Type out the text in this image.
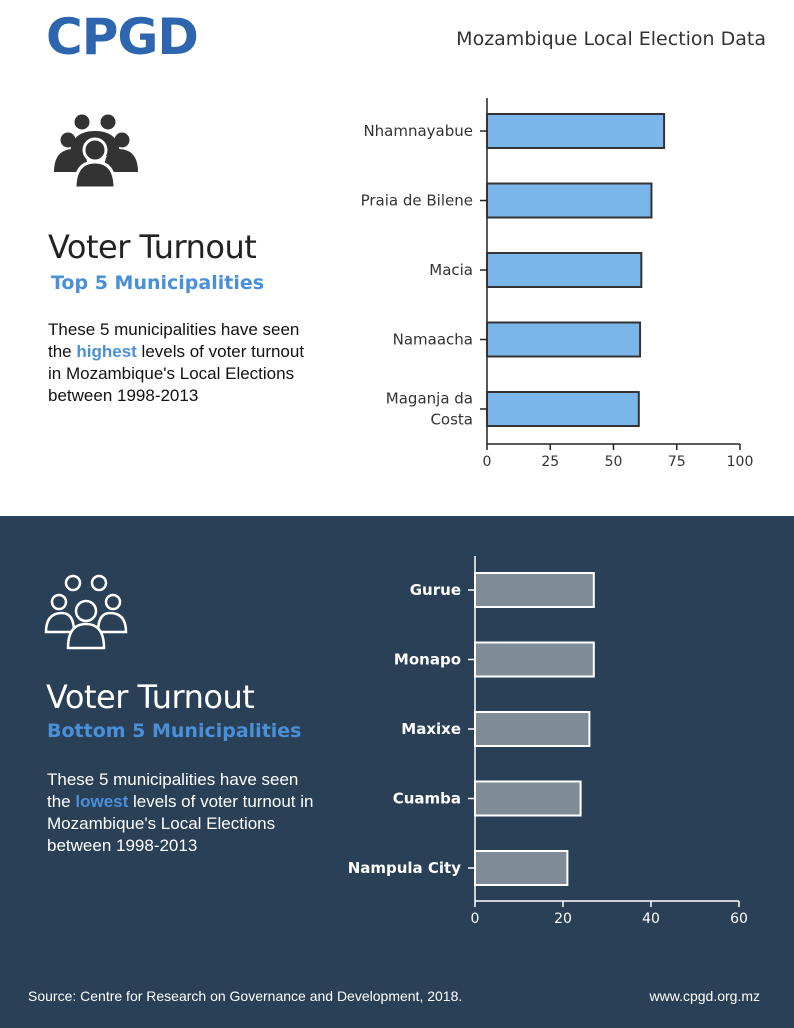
CPGD	Mozambique Local Election Data
Voter Turnout
Top 5 Municipalities
These 5 municipalities have seen the highest levels of voter turnout in Mozambique's Local Elections between 1998-2013
0	25	50	75	100
Nhamnayabue
Praia de Bilene
Macia
Namaacha
Maganja da Costa
Voter Turnout
Bottom 5 Municipalities
These 5 municipalities have seen the lowest levels of voter turnout in Mozambique's Local Elections between 1998-2013
0	20	40	60
Gurue
Monapo
Maxixe
Cuamba
Nampula City
Source: Centre for Research on Governance and Development, 2018.	www.cpgd.org.mz
